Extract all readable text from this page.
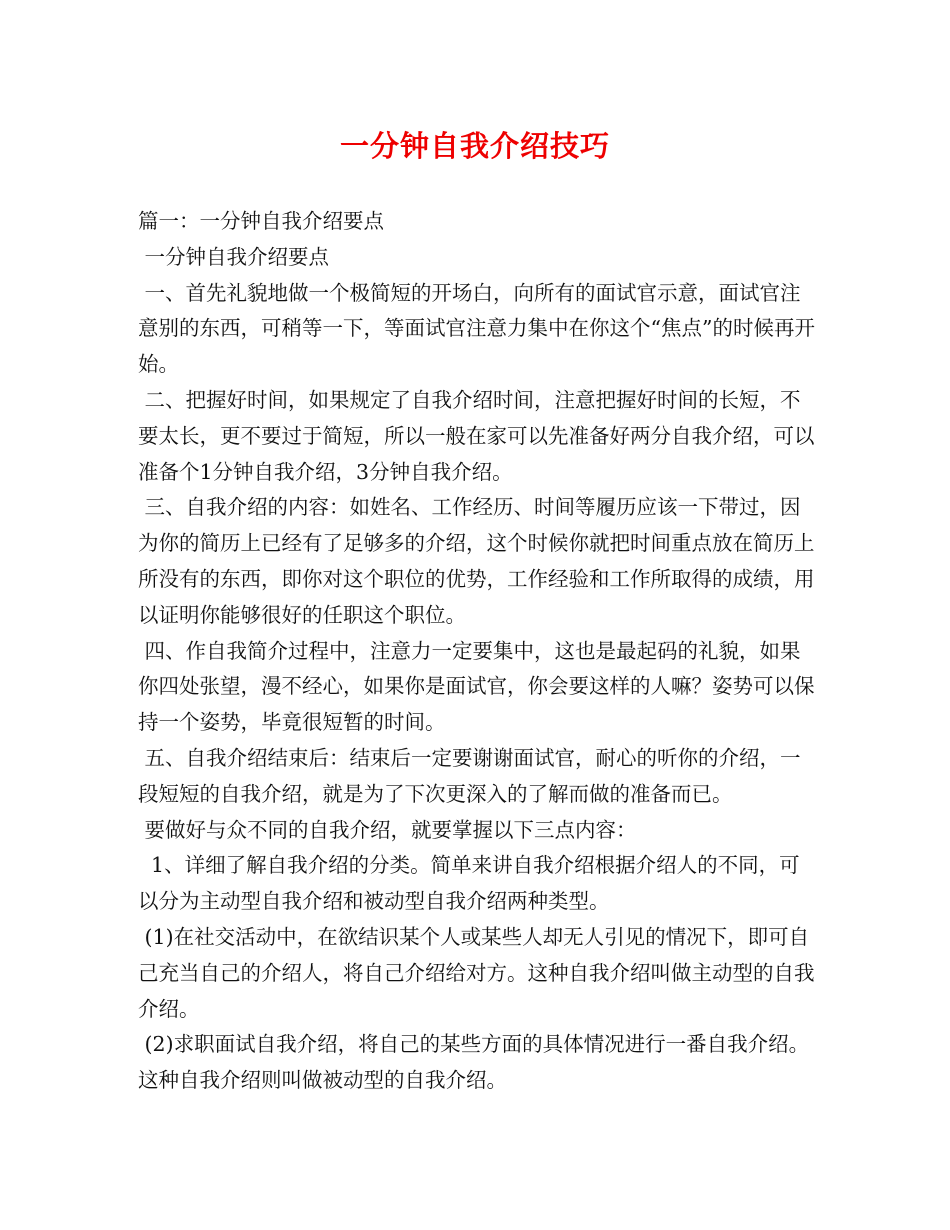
一分钟自我介绍技巧

篇一：一分钟自我介绍要点

一分钟自我介绍要点

一、首先礼貌地做一个极简短的开场白，向所有的面试官示意，面试官注意别的东西，可稍等一下，等面试官注意力集中在你这个“焦点”的时候再开始。

二、把握好时间，如果规定了自我介绍时间，注意把握好时间的长短，不要太长，更不要过于简短，所以一般在家可以先准备好两分自我介绍，可以准备个1分钟自我介绍，3分钟自我介绍。

三、自我介绍的内容：如姓名、工作经历、时间等履历应该一下带过，因为你的简历上已经有了足够多的介绍，这个时候你就把时间重点放在简历上所没有的东西，即你对这个职位的优势，工作经验和工作所取得的成绩，用以证明你能够很好的任职这个职位。

四、作自我简介过程中，注意力一定要集中，这也是最起码的礼貌，如果你四处张望，漫不经心，如果你是面试官，你会要这样的人嘛？姿势可以保持一个姿势，毕竟很短暂的时间。

五、自我介绍结束后：结束后一定要谢谢面试官，耐心的听你的介绍，一段短短的自我介绍，就是为了下次更深入的了解而做的准备而已。

要做好与众不同的自我介绍，就要掌握以下三点内容：

1、详细了解自我介绍的分类。简单来讲自我介绍根据介绍人的不同，可以分为主动型自我介绍和被动型自我介绍两种类型。

(1)在社交活动中，在欲结识某个人或某些人却无人引见的情况下，即可自己充当自己的介绍人，将自己介绍给对方。这种自我介绍叫做主动型的自我介绍。

(2)求职面试自我介绍，将自己的某些方面的具体情况进行一番自我介绍。这种自我介绍则叫做被动型的自我介绍。
